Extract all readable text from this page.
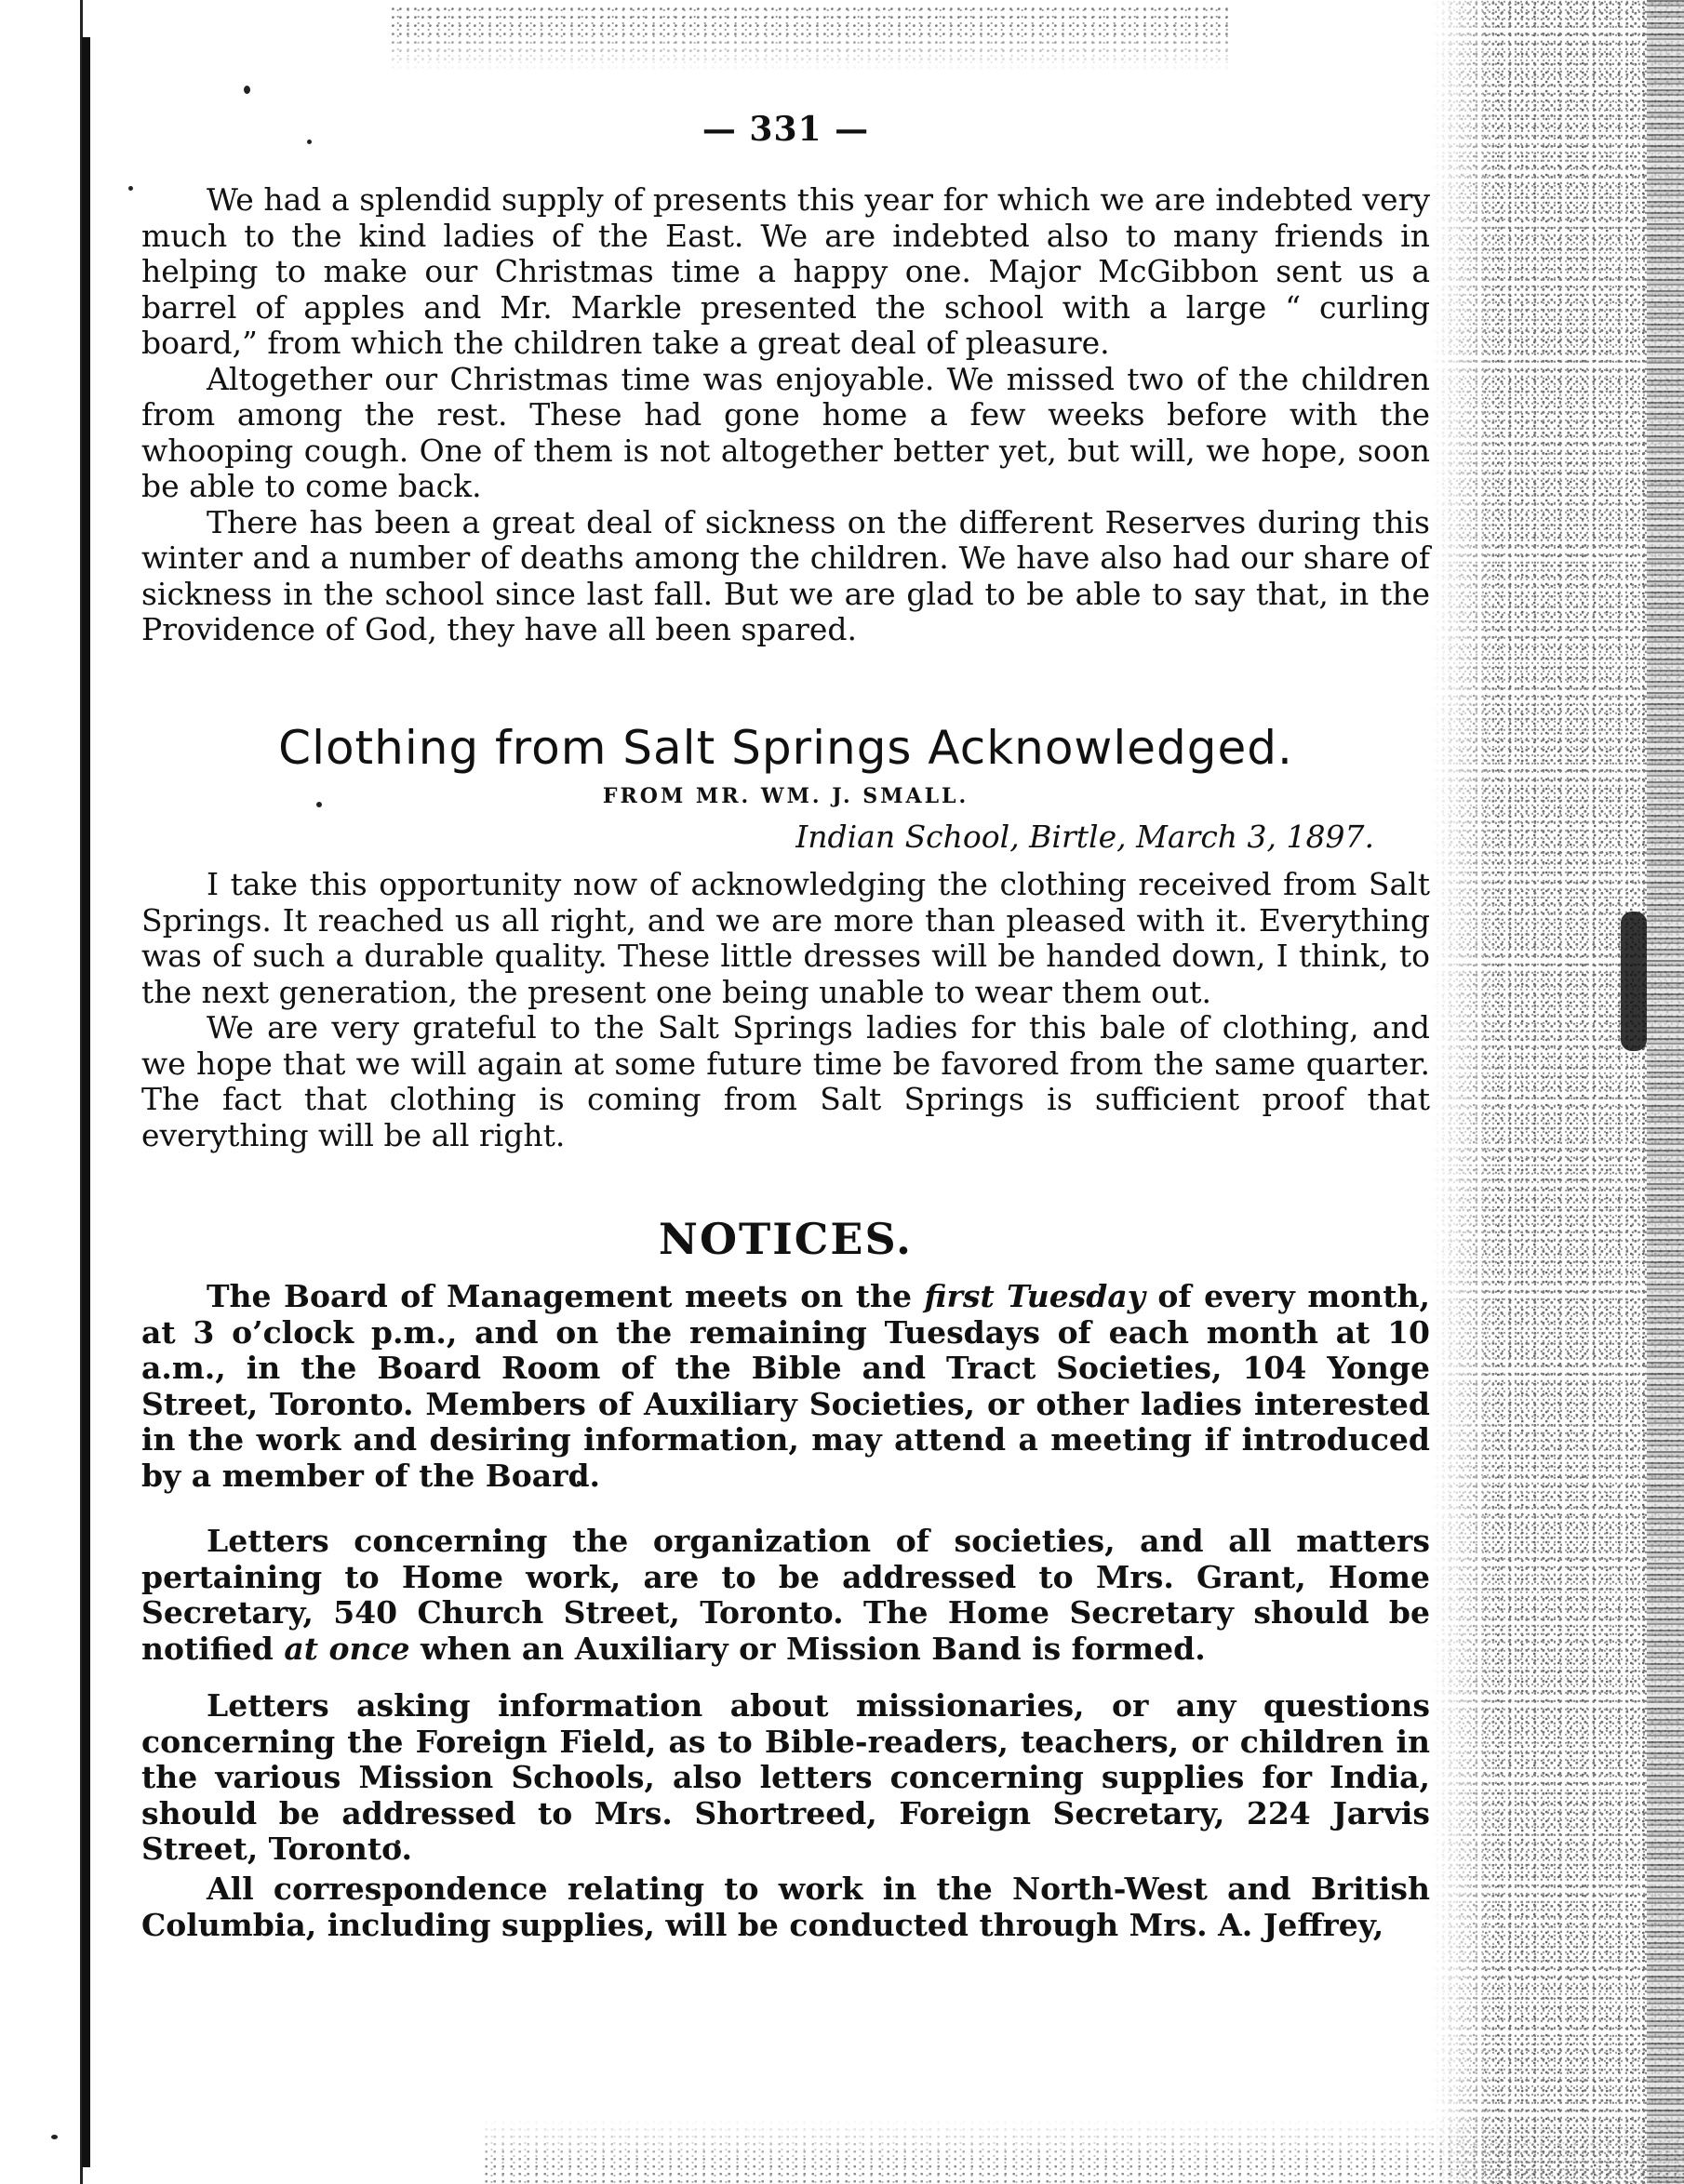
— 331 —

We had a splendid supply of presents this year for which we are indebted very much to the kind ladies of the East. We are indebted also to many friends in helping to make our Christmas time a happy one. Major McGibbon sent us a barrel of apples and Mr. Markle presented the school with a large “ curling board,” from which the children take a great deal of pleasure.

Altogether our Christmas time was enjoyable. We missed two of the children from among the rest. These had gone home a few weeks before with the whooping cough. One of them is not altogether better yet, but will, we hope, soon be able to come back.

There has been a great deal of sickness on the different Reserves during this winter and a number of deaths among the children. We have also had our share of sickness in the school since last fall. But we are glad to be able to say that, in the Providence of God, they have all been spared.

Clothing from Salt Springs Acknowledged.
FROM MR. WM. J. SMALL.
Indian School, Birtle, March 3, 1897.

I take this opportunity now of acknowledging the clothing received from Salt Springs. It reached us all right, and we are more than pleased with it. Everything was of such a durable quality. These little dresses will be handed down, I think, to the next generation, the present one being unable to wear them out.

We are very grateful to the Salt Springs ladies for this bale of clothing, and we hope that we will again at some future time be favored from the same quarter. The fact that clothing is coming from Salt Springs is sufficient proof that everything will be all right.

NOTICES.

The Board of Management meets on the first Tuesday of every month, at 3 o’clock p.m., and on the remaining Tuesdays of each month at 10 a.m., in the Board Room of the Bible and Tract Societies, 104 Yonge Street, Toronto. Members of Auxiliary Societies, or other ladies interested in the work and desiring information, may attend a meeting if introduced by a member of the Board.

Letters concerning the organization of societies, and all matters pertaining to Home work, are to be addressed to Mrs. Grant, Home Secretary, 540 Church Street, Toronto. The Home Secretary should be notified at once when an Auxiliary or Mission Band is formed.

Letters asking information about missionaries, or any questions concerning the Foreign Field, as to Bible-readers, teachers, or children in the various Mission Schools, also letters concerning supplies for India, should be addressed to Mrs. Shortreed, Foreign Secretary, 224 Jarvis Street, Toronto.

All correspondence relating to work in the North-West and British Columbia, including supplies, will be conducted through Mrs. A. Jeffrey,
